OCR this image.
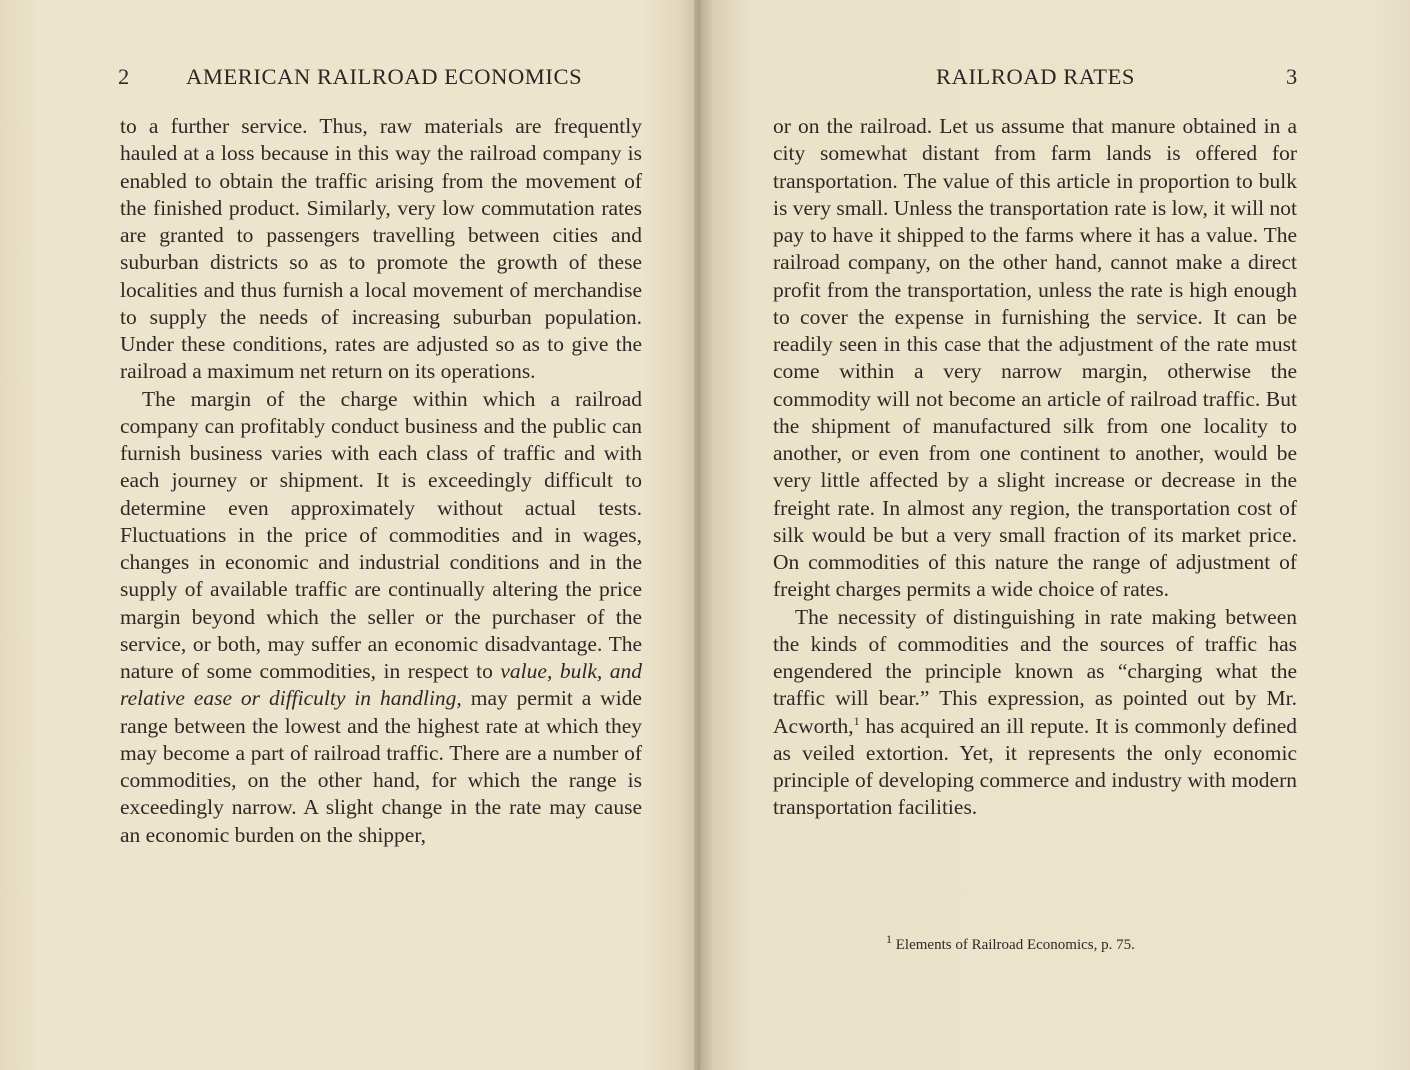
2	AMERICAN RAILROAD ECONOMICS

to a further service. Thus, raw materials are frequently hauled at a loss because in this way the railroad company is enabled to obtain the traffic arising from the movement of the finished product. Similarly, very low commutation rates are granted to passengers travelling between cities and suburban districts so as to promote the growth of these localities and thus furnish a local movement of merchandise to supply the needs of increasing suburban population. Under these conditions, rates are adjusted so as to give the railroad a maximum net return on its operations.

The margin of the charge within which a railroad company can profitably conduct business and the public can furnish business varies with each class of traffic and with each journey or shipment. It is exceedingly difficult to determine even approximately without actual tests. Fluctuations in the price of commodities and in wages, changes in economic and industrial conditions and in the supply of available traffic are continually altering the price margin beyond which the seller or the purchaser of the service, or both, may suffer an economic disadvantage. The nature of some commodities, in respect to value, bulk, and relative ease or difficulty in handling, may permit a wide range between the lowest and the highest rate at which they may become a part of railroad traffic. There are a number of commodities, on the other hand, for which the range is exceedingly narrow. A slight change in the rate may cause an economic burden on the shipper,

RAILROAD RATES	3

or on the railroad. Let us assume that manure obtained in a city somewhat distant from farm lands is offered for transportation. The value of this article in proportion to bulk is very small. Unless the transportation rate is low, it will not pay to have it shipped to the farms where it has a value. The railroad company, on the other hand, cannot make a direct profit from the transportation, unless the rate is high enough to cover the expense in furnishing the service. It can be readily seen in this case that the adjustment of the rate must come within a very narrow margin, otherwise the commodity will not become an article of railroad traffic. But the shipment of manufactured silk from one locality to another, or even from one continent to another, would be very little affected by a slight increase or decrease in the freight rate. In almost any region, the transportation cost of silk would be but a very small fraction of its market price. On commodities of this nature the range of adjustment of freight charges permits a wide choice of rates.

The necessity of distinguishing in rate making between the kinds of commodities and the sources of traffic has engendered the principle known as “charging what the traffic will bear.” This expression, as pointed out by Mr. Acworth,$^1$ has acquired an ill repute. It is commonly defined as veiled extortion. Yet, it represents the only economic principle of developing commerce and industry with modern transportation facilities.

$^1$ Elements of Railroad Economics, p. 75.
